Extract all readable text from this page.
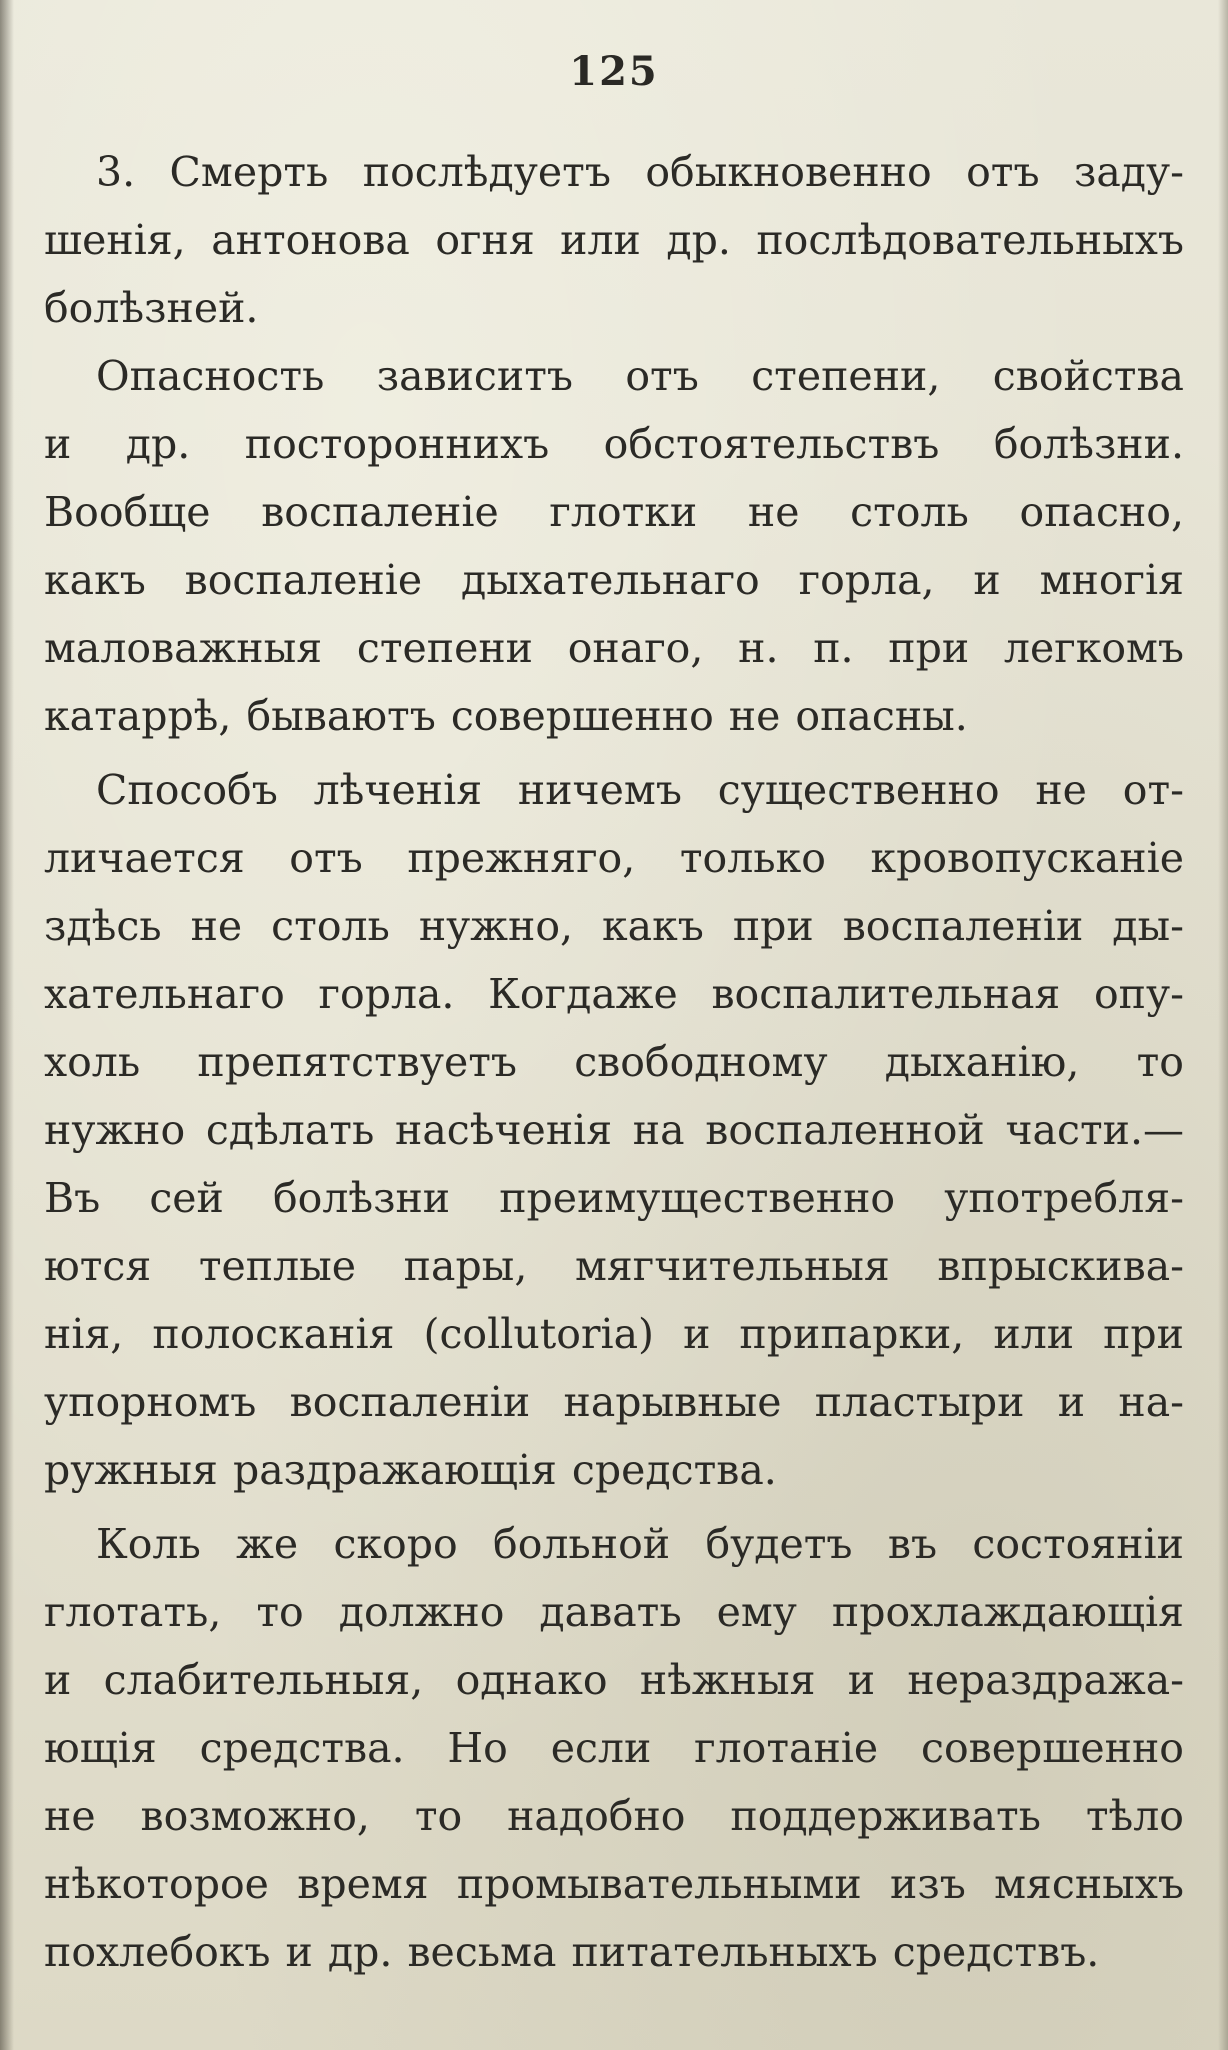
125

3. Смерть послѣдуетъ обыкновенно отъ заду-
шенія, антонова огня или др. послѣдовательныхъ
болѣзней.

Опасность зависитъ отъ степени, свойства
и др. постороннихъ обстоятельствъ болѣзни.
Вообще воспаленіе глотки не столь опасно,
какъ воспаленіе дыхательнаго горла, и многія
маловажныя степени онаго, н. п. при легкомъ
катаррѣ, бываютъ совершенно не опасны.

Способъ лѣченія ничемъ существенно не от-
личается отъ прежняго, только кровопусканіе
здѣсь не столь нужно, какъ при воспаленіи ды-
хательнаго горла. Когдаже воспалительная опу-
холь препятствуетъ свободному дыханію, то
нужно сдѣлать насѣченія на воспаленной части.—
Въ сей болѣзни преимущественно употребля-
ются теплые пары, мягчительныя впрыскива-
нія, полосканія (collutoria) и припарки, или при
упорномъ воспаленіи нарывные пластыри и на-
ружныя раздражающія средства.

Коль же скоро больной будетъ въ состояніи
глотать, то должно давать ему прохлаждающія
и слабительныя, однако нѣжныя и нераздража-
ющія средства. Но если глотаніе совершенно
не возможно, то надобно поддерживать тѣло
нѣкоторое время промывательными изъ мясныхъ
похлебокъ и др. весьма питательныхъ средствъ.
